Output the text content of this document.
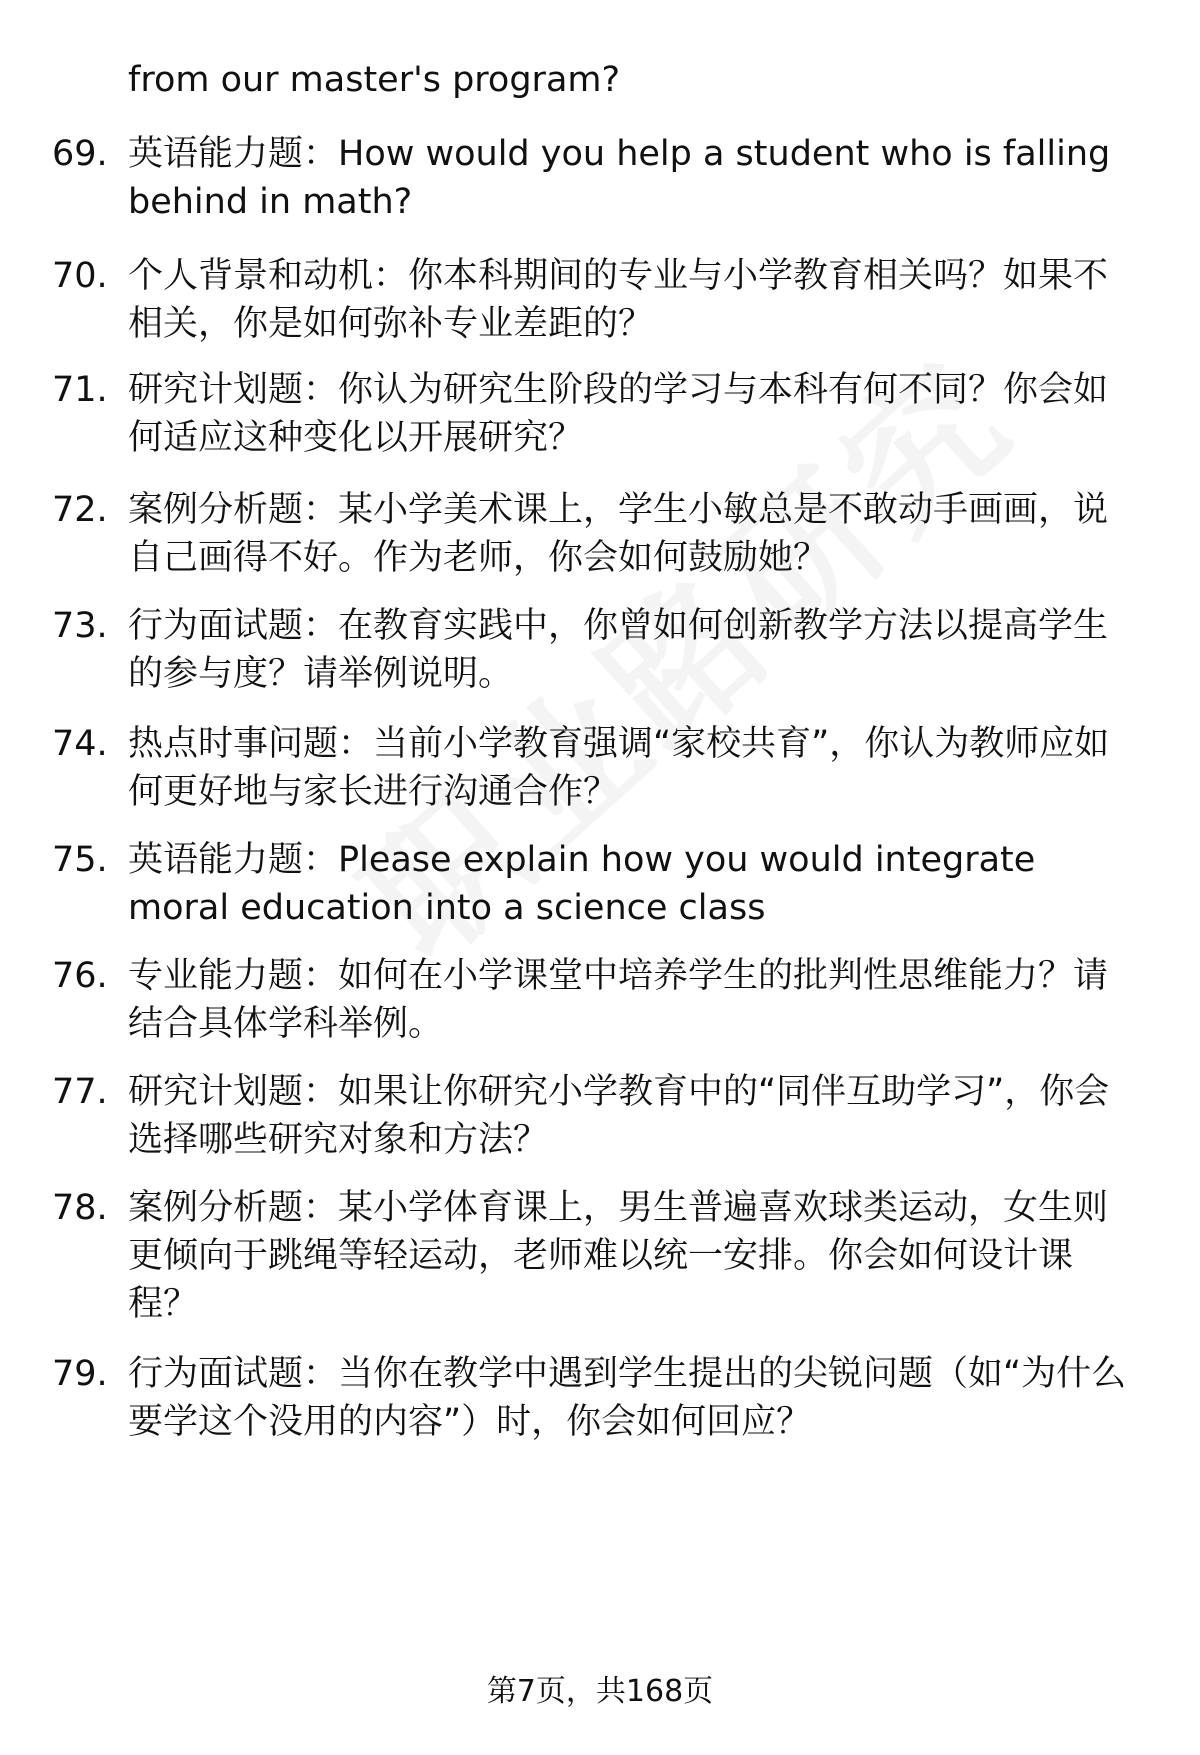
from our master's program?
69. 英语能力题：How would you help a student who is falling behind in math?
70. 个人背景和动机：你本科期间的专业与小学教育相关吗？如果不相关，你是如何弥补专业差距的？
71. 研究计划题：你认为研究生阶段的学习与本科有何不同？你会如何适应这种变化以开展研究？
72. 案例分析题：某小学美术课上，学生小敏总是不敢动手画画，说自己画得不好。作为老师，你会如何鼓励她？
73. 行为面试题：在教育实践中，你曾如何创新教学方法以提高学生的参与度？请举例说明。
74. 热点时事问题：当前小学教育强调“家校共育”，你认为教师应如何更好地与家长进行沟通合作？
75. 英语能力题：Please explain how you would integrate moral education into a science class
76. 专业能力题：如何在小学课堂中培养学生的批判性思维能力？请结合具体学科举例。
77. 研究计划题：如果让你研究小学教育中的“同伴互助学习”，你会选择哪些研究对象和方法？
78. 案例分析题：某小学体育课上，男生普遍喜欢球类运动，女生则更倾向于跳绳等轻运动，老师难以统一安排。你会如何设计课程？
79. 行为面试题：当你在教学中遇到学生提出的尖锐问题（如“为什么要学这个没用的内容”）时，你会如何回应？
第7页，共168页
